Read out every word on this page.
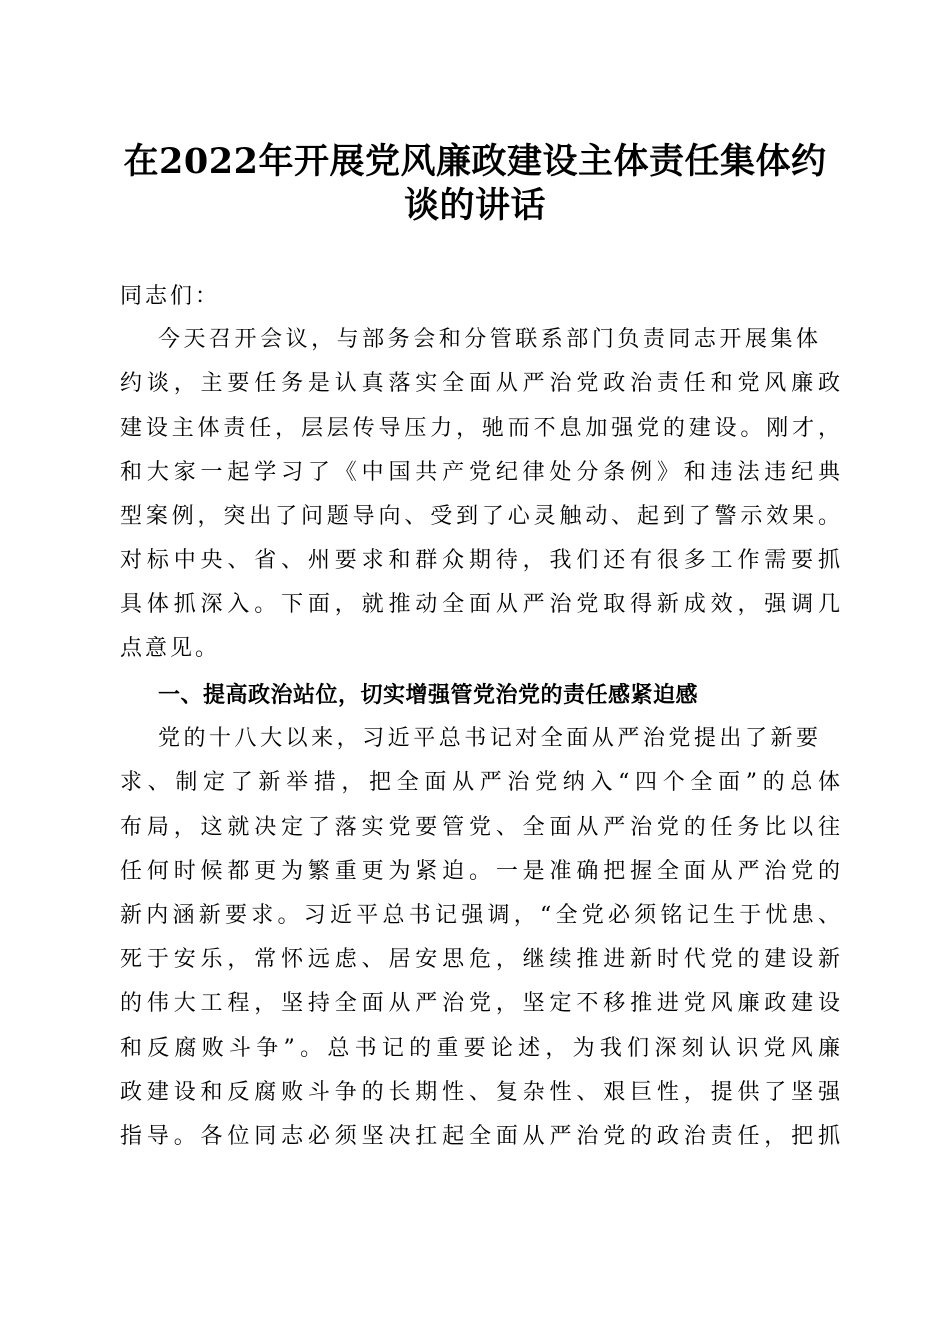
在2022年开展党风廉政建设主体责任集体约
谈的讲话
同志们：
今天召开会议，与部务会和分管联系部门负责同志开展集体
约谈，主要任务是认真落实全面从严治党政治责任和党风廉政
建设主体责任，层层传导压力，驰而不息加强党的建设。刚才，
和大家一起学习了《中国共产党纪律处分条例》和违法违纪典
型案例，突出了问题导向、受到了心灵触动、起到了警示效果。
对标中央、省、州要求和群众期待，我们还有很多工作需要抓
具体抓深入。下面，就推动全面从严治党取得新成效，强调几
点意见。
一、提高政治站位，切实增强管党治党的责任感紧迫感
党的十八大以来，习近平总书记对全面从严治党提出了新要
求、制定了新举措，把全面从严治党纳入“四个全面”的总体
布局，这就决定了落实党要管党、全面从严治党的任务比以往
任何时候都更为繁重更为紧迫。一是准确把握全面从严治党的
新内涵新要求。习近平总书记强调，“全党必须铭记生于忧患、
死于安乐，常怀远虑、居安思危，继续推进新时代党的建设新
的伟大工程，坚持全面从严治党，坚定不移推进党风廉政建设
和反腐败斗争”。总书记的重要论述，为我们深刻认识党风廉
政建设和反腐败斗争的长期性、复杂性、艰巨性，提供了坚强
指导。各位同志必须坚决扛起全面从严治党的政治责任，把抓
